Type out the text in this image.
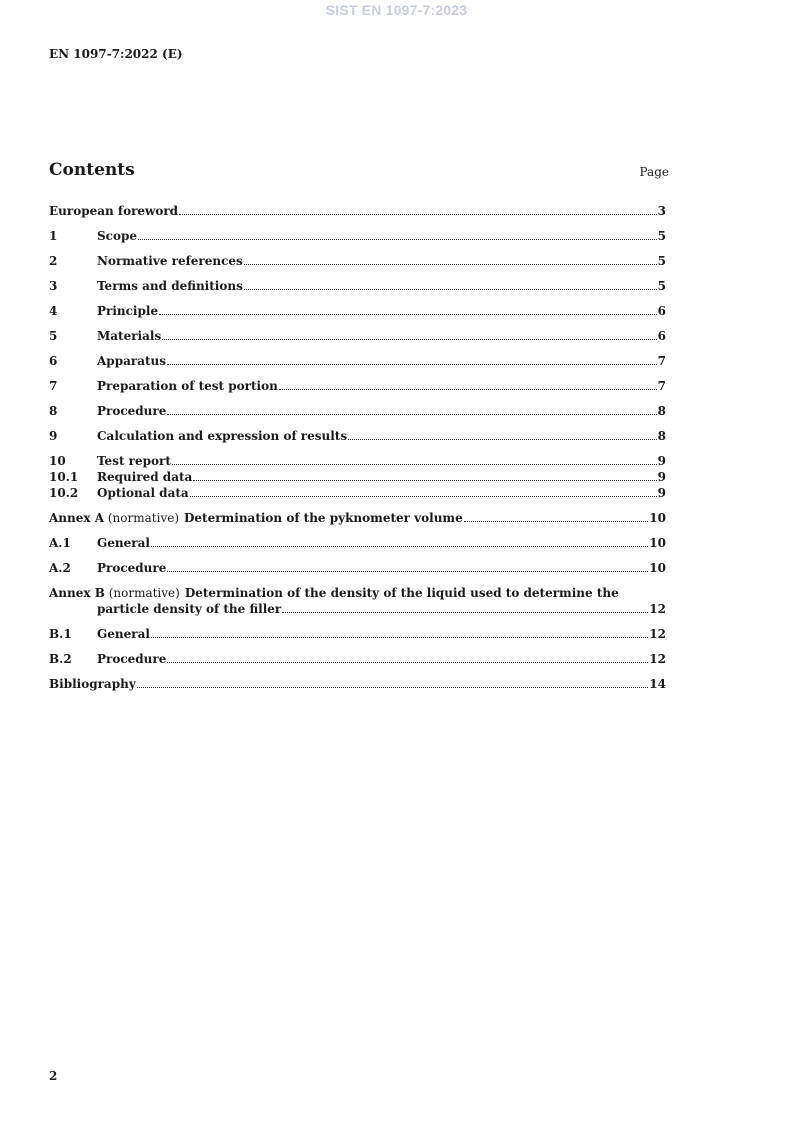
SIST EN 1097-7:2023
EN 1097-7:2022 (E)
Contents	Page
European foreword	3
1	Scope	5
2	Normative references	5
3	Terms and definitions	5
4	Principle	6
5	Materials	6
6	Apparatus	7
7	Preparation of test portion	7
8	Procedure	8
9	Calculation and expression of results	8
10	Test report	9
10.1	Required data	9
10.2	Optional data	9
Annex A (normative) Determination of the pyknometer volume	10
A.1	General	10
A.2	Procedure	10
Annex B (normative) Determination of the density of the liquid used to determine the
particle density of the filler	12
B.1	General	12
B.2	Procedure	12
Bibliography	14
2
